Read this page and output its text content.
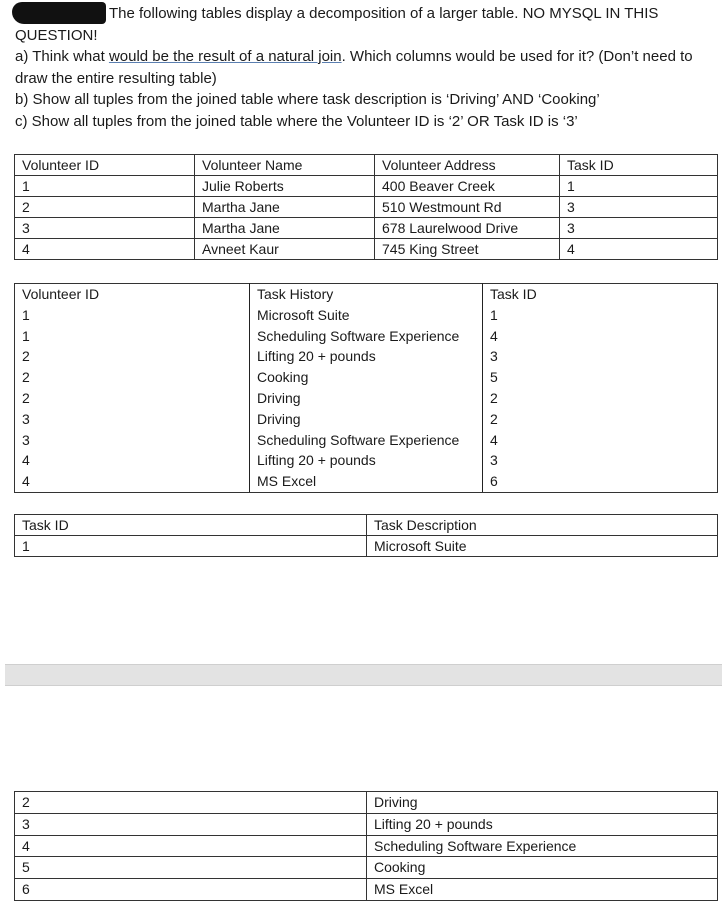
The following tables display a decomposition of a larger table. NO MYSQL IN THIS QUESTION!

a) Think what would be the result of a natural join. Which columns would be used for it? (Don’t need to draw the entire resulting table)

b) Show all tuples from the joined table where task description is ‘Driving’ AND ‘Cooking’

c) Show all tuples from the joined table where the Volunteer ID is ‘2’ OR Task ID is ‘3’

Volunteer ID	Volunteer Name	Volunteer Address	Task ID
1	Julie Roberts	400 Beaver Creek	1
2	Martha Jane	510 Westmount Rd	3
3	Martha Jane	678 Laurelwood Drive	3
4	Avneet Kaur	745 King Street	4
Volunteer ID	Task History	Task ID
1	Microsoft Suite	1
1	Scheduling Software Experience	4
2	Lifting 20 + pounds	3
2	Cooking	5
2	Driving	2
3	Driving	2
3	Scheduling Software Experience	4
4	Lifting 20 + pounds	3
4	MS Excel	6
Task ID	Task Description
1	Microsoft Suite
2	Driving
3	Lifting 20 + pounds
4	Scheduling Software Experience
5	Cooking
6	MS Excel
